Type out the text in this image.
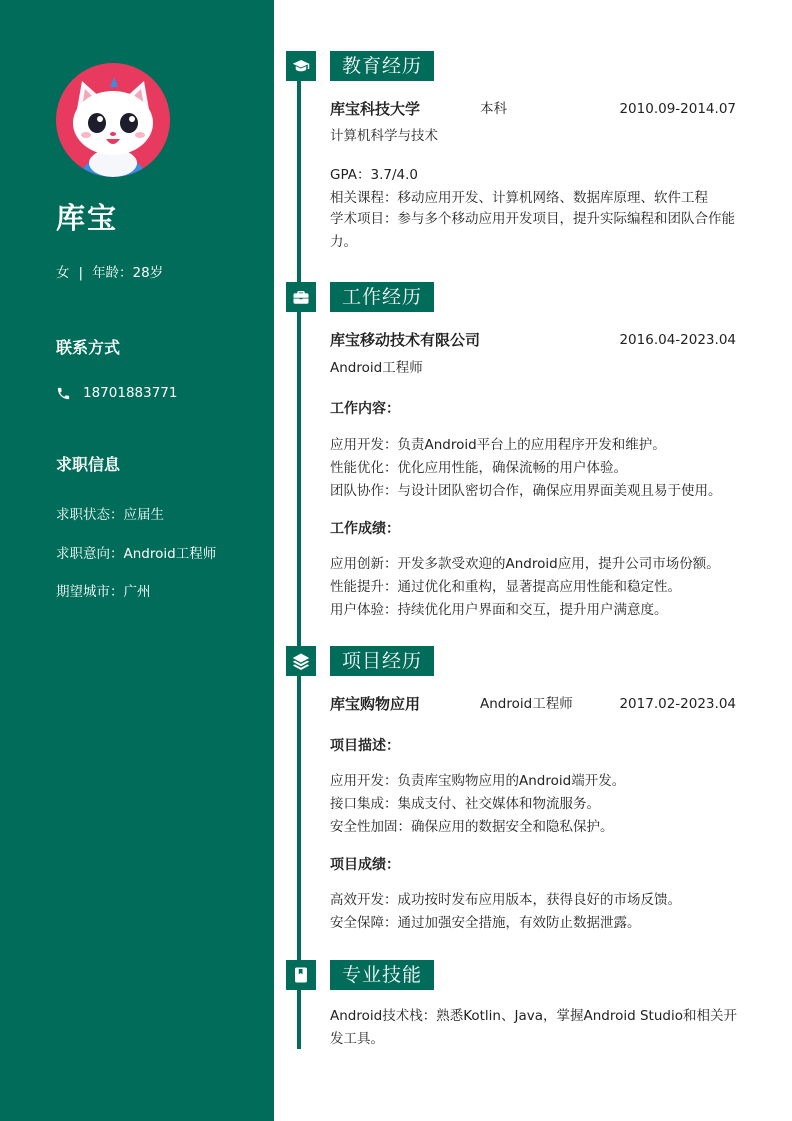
库宝
女 | 年龄：28岁
联系方式
18701883771
求职信息
求职状态：应届生
求职意向：Android工程师
期望城市：广州
教育经历
库宝科技大学	本科	2010.09-2014.07
计算机科学与技术
GPA：3.7/4.0
相关课程：移动应用开发、计算机网络、数据库原理、软件工程
学术项目：参与多个移动应用开发项目，提升实际编程和团队合作能力。
工作经历
库宝移动技术有限公司	2016.04-2023.04
Android工程师
工作内容：
应用开发：负责Android平台上的应用程序开发和维护。
性能优化：优化应用性能，确保流畅的用户体验。
团队协作：与设计团队密切合作，确保应用界面美观且易于使用。
工作成绩：
应用创新：开发多款受欢迎的Android应用，提升公司市场份额。
性能提升：通过优化和重构，显著提高应用性能和稳定性。
用户体验：持续优化用户界面和交互，提升用户满意度。
项目经历
库宝购物应用	Android工程师	2017.02-2023.04
项目描述：
应用开发：负责库宝购物应用的Android端开发。
接口集成：集成支付、社交媒体和物流服务。
安全性加固：确保应用的数据安全和隐私保护。
项目成绩：
高效开发：成功按时发布应用版本，获得良好的市场反馈。
安全保障：通过加强安全措施，有效防止数据泄露。
专业技能
Android技术栈：熟悉Kotlin、Java，掌握Android Studio和相关开发工具。
